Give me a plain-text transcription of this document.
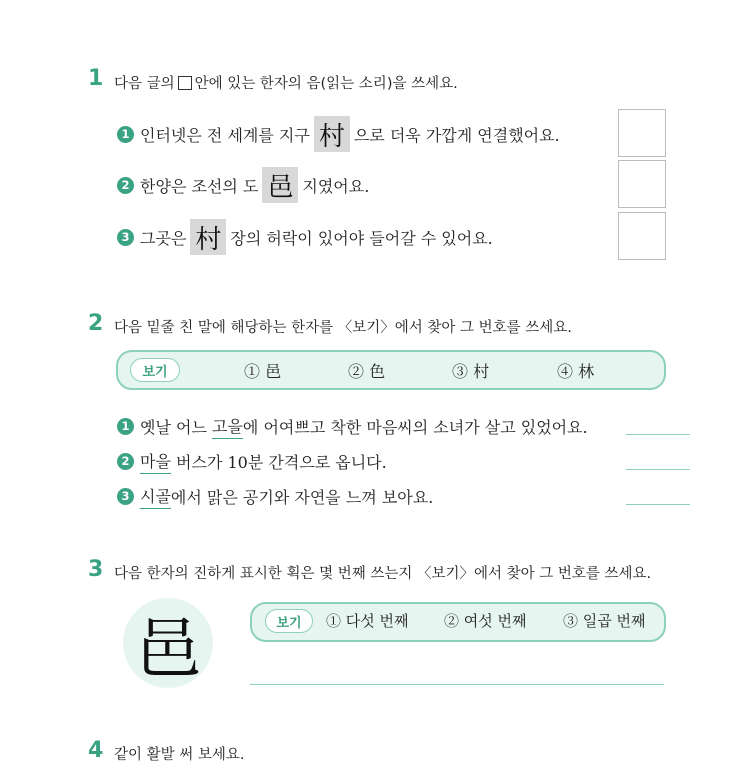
1 다음 글의 안에 있는 한자의 음(읽는 소리)을 쓰세요.
1 인터넷은 전 세계를 지구 村 으로 더욱 가깝게 연결했어요.
2 한양은 조선의 도 邑 지였어요.
3 그곳은 村 장의 허락이 있어야 들어갈 수 있어요.
2 다음 밑줄 친 말에 해당하는 한자를 〈보기〉에서 찾아 그 번호를 쓰세요.
보기	① 邑	② 色	③ 村	④ 林
1 옛날 어느 고을 에 어여쁘고 착한 마음씨의 소녀가 살고 있었어요.
2 마을 버스가 10분 간격으로 옵니다.
3 시골 에서 맑은 공기와 자연을 느껴 보아요.
3 다음 한자의 진하게 표시한 획은 몇 번째 쓰는지 〈보기〉에서 찾아 그 번호를 쓰세요.
邑	보기	① 다섯 번째 ② 여섯 번째 ③ 일곱 번째
4 같이 활발 써 보세요.
